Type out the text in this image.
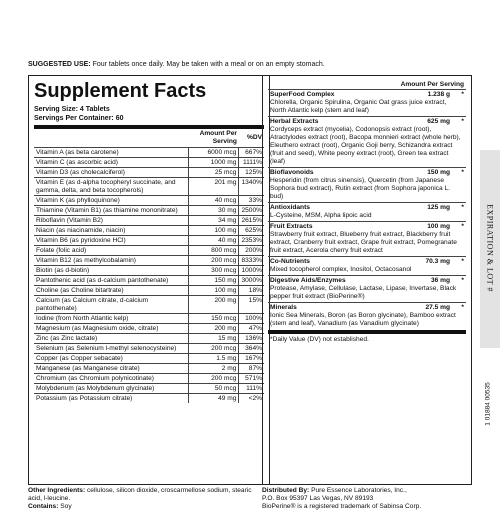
SUGGESTED USE: Four tablets once daily. May be taken with a meal or on an empty stomach.
Supplement Facts
Serving Size: 4 Tablets
Servings Per Container: 60
	Amount Per Serving	%DV
Vitamin A (as beta carotene)	6000 mcg	667%
Vitamin C (as ascorbic acid)	1000 mg	1111%
Vitamin D3 (as cholecalciferol)	25 mcg	125%
Vitamin E (as d-alpha tocopheryl succinate, and gamma, delta, and beta tocopherols)	201 mg	1340%
Vitamin K (as phylloquinone)	40 mcg	33%
Thiamine (Vitamin B1) (as thiamine mononitrate)	30 mg	2500%
Riboflavin (Vitamin B2)	34 mg	2615%
Niacin (as niacinamide, niacin)	100 mg	625%
Vitamin B6 (as pyridoxine HCl)	40 mg	2353%
Folate (folic acid)	800 mcg	200%
Vitamin B12 (as methylcobalamin)	200 mcg	8333%
Biotin (as d-biotin)	300 mcg	1000%
Pantothenic acid (as d-calcium pantothenate)	150 mg	3000%
Choline (as Choline bitartrate)	100 mg	18%
Calcium (as Calcium citrate, d-calcium pantothenate)	200 mg	15%
Iodine (from North Atlantic kelp)	150 mcg	100%
Magnesium (as Magnesium oxide, citrate)	200 mg	47%
Zinc (as Zinc lactate)	15 mg	136%
Selenium (as Selenium l-methyl selenocysteine)	200 mcg	364%
Copper (as Copper sebacate)	1.5 mg	167%
Manganese (as Manganese citrate)	2 mg	87%
Chromium (as Chromium polynicotinate)	200 mcg	571%
Molybdenum (as Molybdenum glycinate)	50 mcg	111%
Potassium (as Potassium citrate)	49 mg	<2%
Amount Per Serving
SuperFood Complex	1.238 g	*
Chlorella, Organic Spirulina, Organic Oat grass juice extract, North Atlantic kelp (stem and leaf)
Herbal Extracts	625 mg	*
Cordyceps extract (mycelia), Codonopsis extract (root), Atractylodes extract (root), Bacopa monnieri extract (whole herb), Eleuthero extract (root), Organic Goji berry, Schizandra extract (fruit and seed), White peony extract (root), Green tea extract (leaf)
Bioflavonoids	150 mg	*
Hesperidin (from citrus sinensis), Quercetin (from Japanese Sophora bud extract), Rutin extract (from Sophora japonica L. bud)
Antioxidants	125 mg	*
L-Cysteine, MSM, Alpha lipoic acid
Fruit Extracts	100 mg	*
Strawberry fruit extract, Blueberry fruit extract, Blackberry fruit extract, Cranberry fruit extract, Grape fruit extract, Pomegranate fruit extract, Acerola cherry fruit extract
Co-Nutrients	70.3 mg	*
Mixed tocopherol complex, Inositol, Octacosanol
Digestive Aids/Enzymes	36 mg	*
Protease, Amylase, Cellulase, Lactase, Lipase, Invertase, Black pepper fruit extract (BioPerine®)
Minerals	27.5 mg	*
Ionic Sea Minerals, Boron (as Boron glycinate), Bamboo extract (stem and leaf), Vanadium (as Vanadium glycinate)
*Daily Value (DV) not established.
Other Ingredients: cellulose, silicon dioxide, croscarmellose sodium, stearic acid, l-leucine.
Contains: Soy
Distributed By: Pure Essence Laboratories, Inc.,
P.O. Box 95397 Las Vegas, NV 89193
BioPerine® is a registered trademark of Sabinsa Corp.
EXPIRATION & LOT #
1 01884 00535
